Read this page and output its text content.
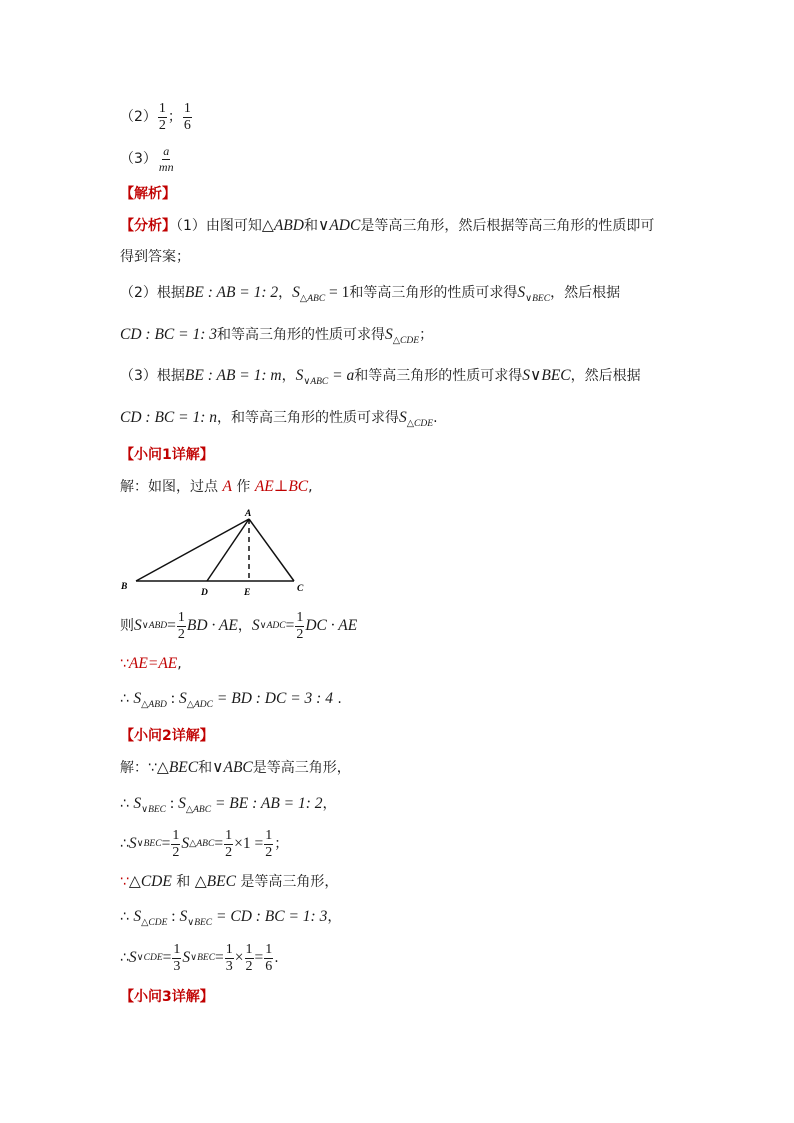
$(2) \frac{1}{2}$ ； $\frac{1}{6}$
$(3) \frac{a}{mn}$
【解析】
【分析】（1）由图可知△ABD和∨ADC是等高三角形，然后根据等高三角形的性质即可
得到答案；
（2）根据BE : AB = 1: 2，$S_{\triangle ABC} = 1$和等高三角形的性质可求得$S_{\vee BEC}$，然后根据
CD : BC = 1: 3和等高三角形的性质可求得$S_{\triangle CDE}$；
（3）根据BE : AB = 1: m，$S_{\vee ABC} = a$和等高三角形的性质可求得S∨BEC，然后根据
CD : BC = 1: n，和等高三角形的性质可求得$S_{\triangle CDE}$.
【小问1详解】
解：如图，过点 A 作 AE⊥BC,
A
B	C
D	E
则 S ∨ABD = $\frac{1}{2}$ BD · AE ， S ∨ADC = $\frac{1}{2}$ DC · AE
∵AE=AE,
∴ $S_{\triangle ABD}$ : $S_{\triangle ADC}$ = BD : DC = 3 : 4 .
【小问2详解】
解：∵△BEC和∨ABC是等高三角形，
∴ $S_{\vee BEC}$ : $S_{\triangle ABC}$ = BE : AB = 1: 2，
∴ S ∨BEC = $\frac{1}{2}$ S △ABC = $\frac{1}{2} \times 1 = \frac{1}{2}$ ；
∵△CDE 和 △BEC 是等高三角形，
∴ $S_{\triangle CDE}$ : $S_{\vee BEC}$ = CD : BC = 1: 3，
∴ S ∨CDE = $\frac{1}{3}$ S ∨BEC = $\frac{1}{3} \times \frac{1}{2} = \frac{1}{6}$ .
【小问3详解】
